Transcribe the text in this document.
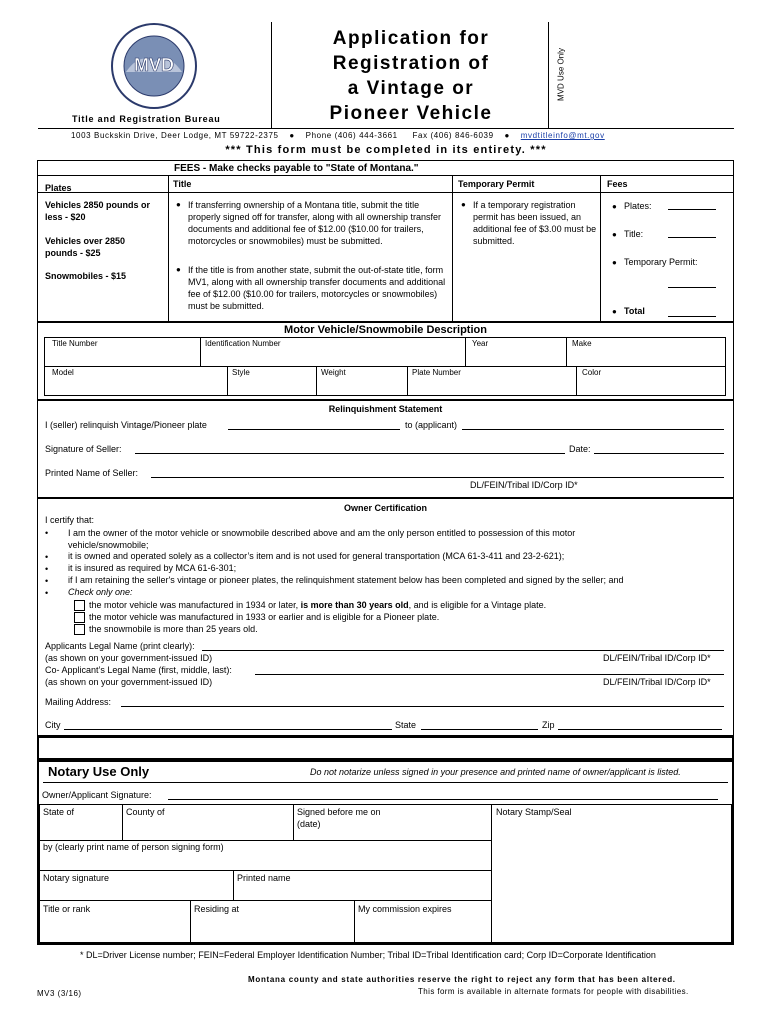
MVD
Title and Registration Bureau
Application for
Registration of
a Vintage or
Pioneer Vehicle
MVD Use Only
1003 Buckskin Drive, Deer Lodge, MT 59722-2375 ● Phone (406) 444-3661 Fax (406) 846-6039 ● mvdtitleinfo@mt.gov
*** This form must be completed in its entirety. ***
FEES - Make checks payable to "State of Montana."
Plates	Title	Temporary Permit	Fees
Vehicles 2850 pounds or less - $20
Vehicles over 2850 pounds - $25
Snowmobiles - $15
● If transferring ownership of a Montana title, submit the title properly signed off for transfer, along with all ownership transfer documents and additional fee of $12.00 ($10.00 for trailers, motorcycles or snowmobiles) must be submitted.
● If the title is from another state, submit the out-of-state title, form MV1, along with all ownership transfer documents and additional fee of $12.00 ($10.00 for trailers, motorcycles or snowmobiles) must be submitted.
● If a temporary registration permit has been issued, an additional fee of $3.00 must be submitted.
● Plates:
● Title:
● Temporary Permit:
● Total
Motor Vehicle/Snowmobile Description
Title Number	Identification Number	Year	Make
Model	Style	Weight	Plate Number	Color
Relinquishment Statement
I (seller) relinquish Vintage/Pioneer plate	to (applicant)
Signature of Seller:	Date:
Printed Name of Seller:
DL/FEIN/Tribal ID/Corp ID*
Owner Certification
I certify that:
• I am the owner of the motor vehicle or snowmobile described above and am the only person entitled to possession of this motor vehicle/snowmobile;
• it is owned and operated solely as a collector’s item and is not used for general transportation (MCA 61-3-411 and 23-2-621);
• it is insured as required by MCA 61-6-301;
• if I am retaining the seller's vintage or pioneer plates, the relinquishment statement below has been completed and signed by the seller; and
• Check only one:
the motor vehicle was manufactured in 1934 or later, is more than 30 years old, and is eligible for a Vintage plate.
the motor vehicle was manufactured in 1933 or earlier and is eligible for a Pioneer plate.
the snowmobile is more than 25 years old.
Applicants Legal Name (print clearly):
(as shown on your government-issued ID)	DL/FEIN/Tribal ID/Corp ID*
Co- Applicant’s Legal Name (first, middle, last):
(as shown on your government-issued ID)	DL/FEIN/Tribal ID/Corp ID*
Mailing Address:
City	State	Zip
Notary Use Only	Do not notarize unless signed in your presence and printed name of owner/applicant is listed.
Owner/Applicant Signature:
State of	County of	Signed before me on
(date)
Notary Stamp/Seal
by (clearly print name of person signing form)
Notary signature	Printed name
Title or rank	Residing at	My commission expires
* DL=Driver License number; FEIN=Federal Employer Identification Number; Tribal ID=Tribal Identification card; Corp ID=Corporate Identification
Montana county and state authorities reserve the right to reject any form that has been altered.
MV3 (3/16)	This form is available in alternate formats for people with disabilities.
